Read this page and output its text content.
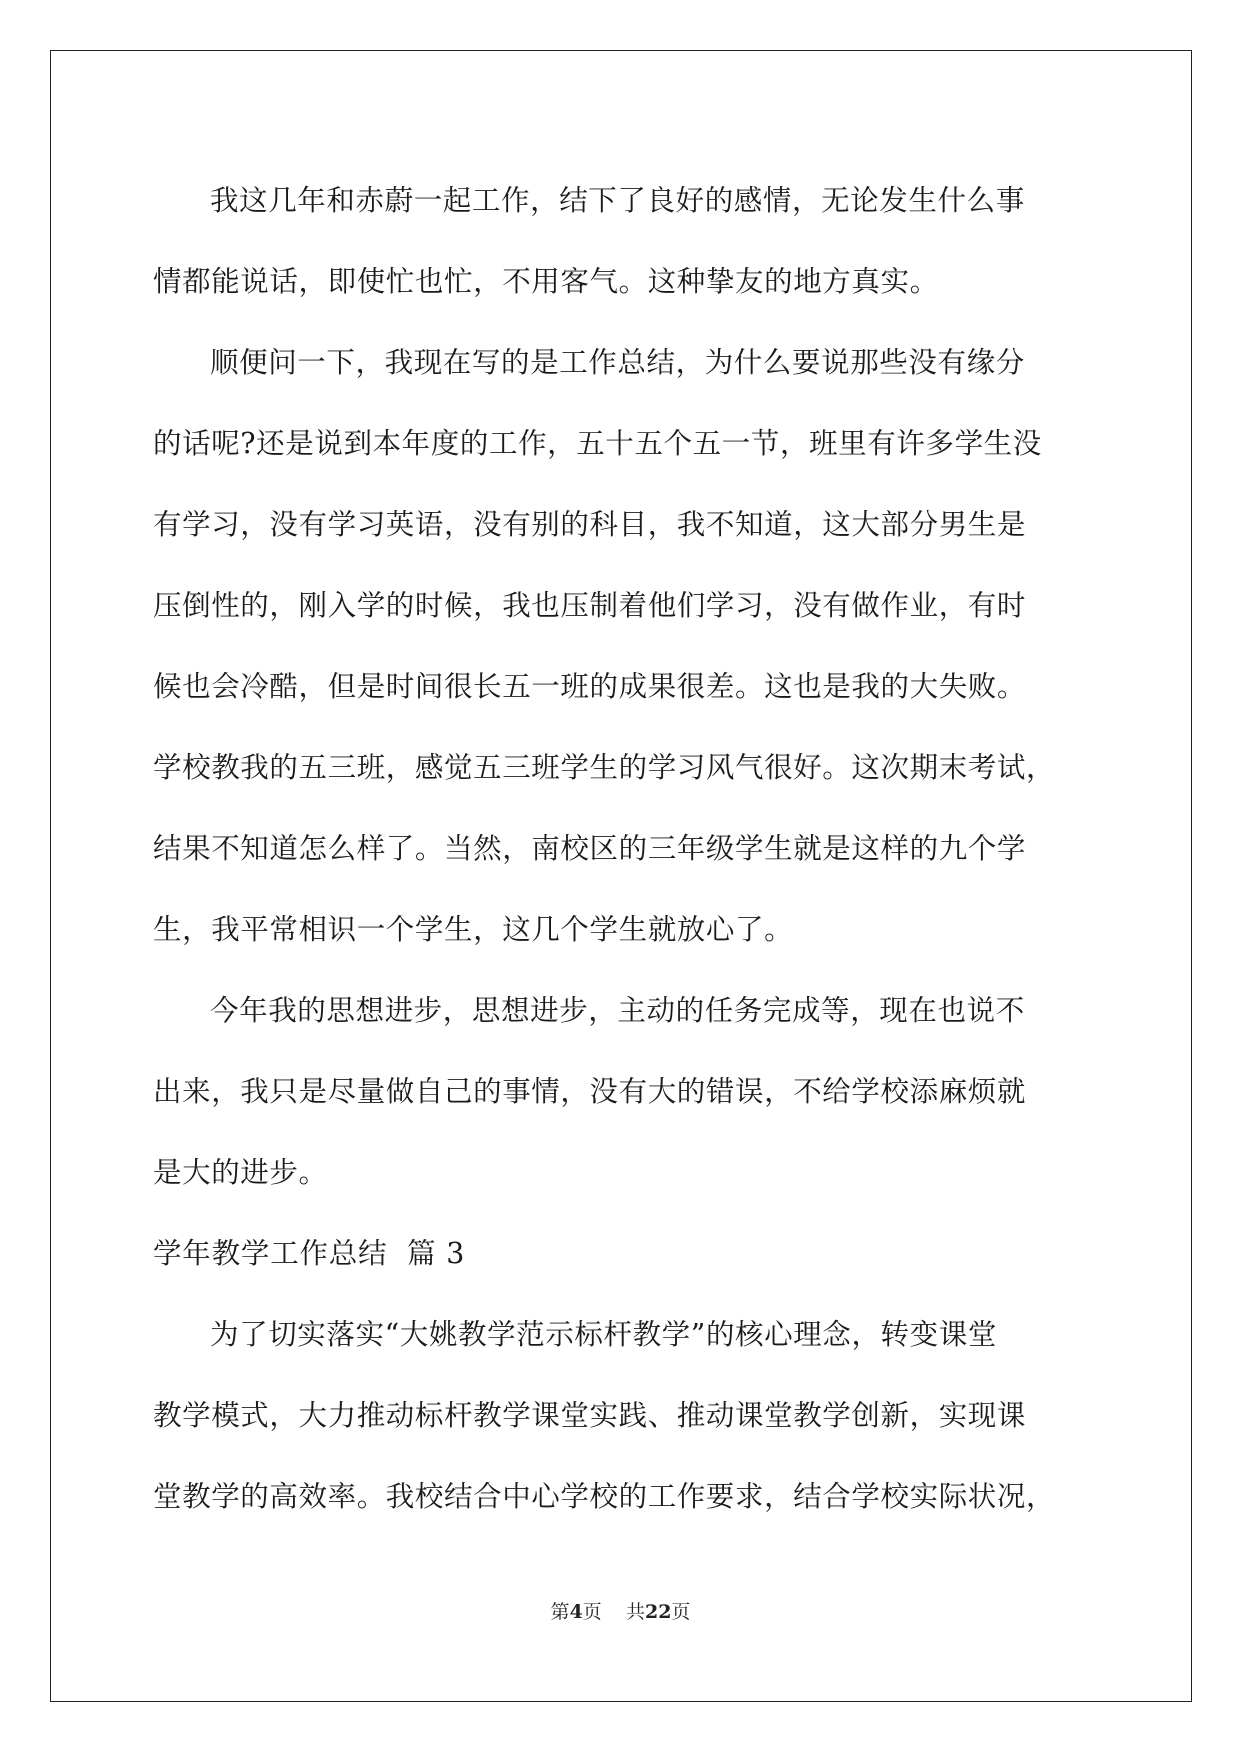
我这几年和赤蔚一起工作，结下了良好的感情，无论发生什么事
情都能说话，即使忙也忙，不用客气。这种挚友的地方真实。

顺便问一下，我现在写的是工作总结，为什么要说那些没有缘分
的话呢?还是说到本年度的工作，五十五个五一节，班里有许多学生没
有学习，没有学习英语，没有别的科目，我不知道，这大部分男生是
压倒性的，刚入学的时候，我也压制着他们学习，没有做作业，有时
候也会冷酷，但是时间很长五一班的成果很差。这也是我的大失败。
学校教我的五三班，感觉五三班学生的学习风气很好。这次期末考试，
结果不知道怎么样了。当然，南校区的三年级学生就是这样的九个学
生，我平常相识一个学生，这几个学生就放心了。

今年我的思想进步，思想进步，主动的任务完成等，现在也说不
出来，我只是尽量做自己的事情，没有大的错误，不给学校添麻烦就
是大的进步。

学年教学工作总结  篇 3

为了切实落实“大姚教学范示标杆教学”的核心理念，转变课堂
教学模式，大力推动标杆教学课堂实践、推动课堂教学创新，实现课
堂教学的高效率。我校结合中心学校的工作要求，结合学校实际状况，

第4页    共22页
